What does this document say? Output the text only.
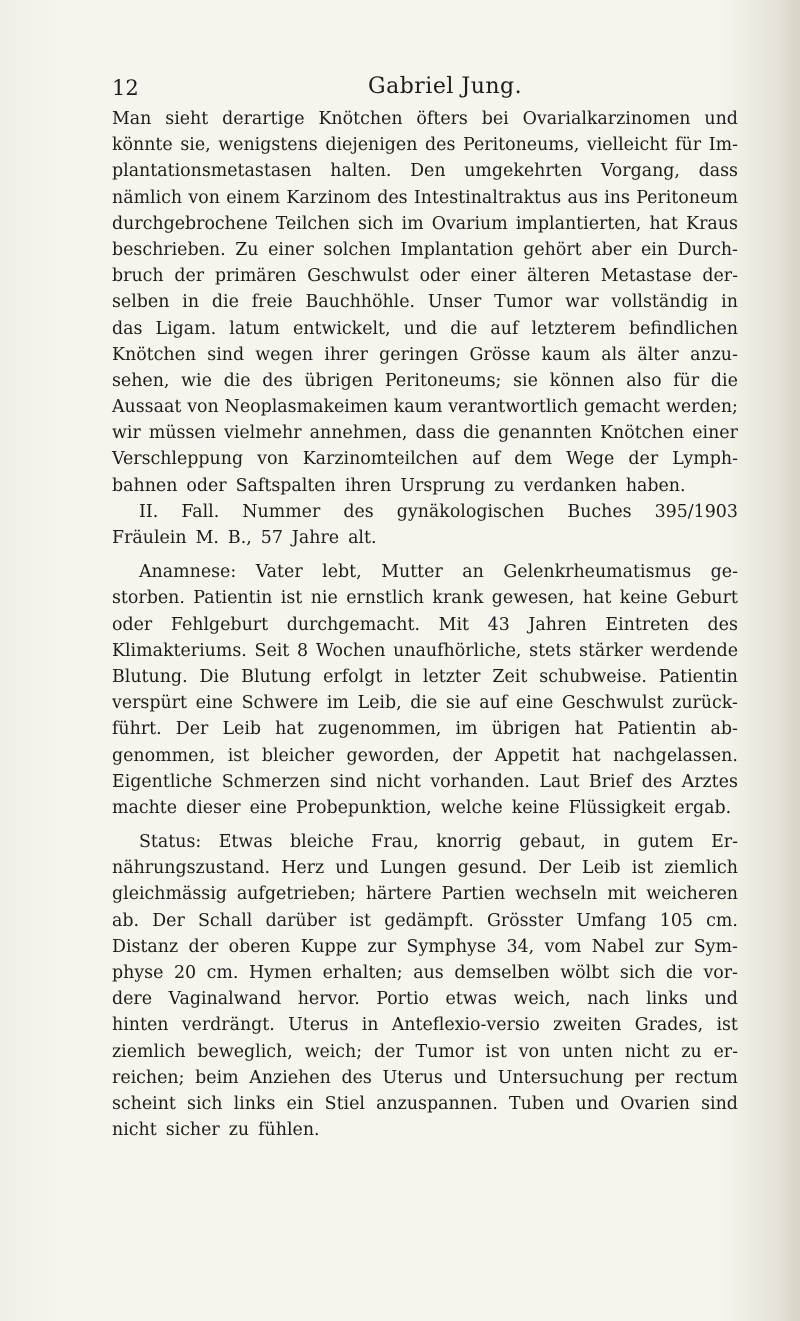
12	Gabriel Jung.
Man sieht derartige Knötchen öfters bei Ovarialkarzinomen und
könnte sie, wenigstens diejenigen des Peritoneums, vielleicht für Im-
plantationsmetastasen halten. Den umgekehrten Vorgang, dass
nämlich von einem Karzinom des Intestinaltraktus aus ins Peritoneum
durchgebrochene Teilchen sich im Ovarium implantierten, hat Kraus
beschrieben. Zu einer solchen Implantation gehört aber ein Durch-
bruch der primären Geschwulst oder einer älteren Metastase der-
selben in die freie Bauchhöhle. Unser Tumor war vollständig in
das Ligam. latum entwickelt, und die auf letzterem befindlichen
Knötchen sind wegen ihrer geringen Grösse kaum als älter anzu-
sehen, wie die des übrigen Peritoneums; sie können also für die
Aussaat von Neoplasmakeimen kaum verantwortlich gemacht werden;
wir müssen vielmehr annehmen, dass die genannten Knötchen einer
Verschleppung von Karzinomteilchen auf dem Wege der Lymph-
bahnen oder Saftspalten ihren Ursprung zu verdanken haben.
II. Fall. Nummer des gynäkologischen Buches 395/1903
Fräulein M. B., 57 Jahre alt.
Anamnese: Vater lebt, Mutter an Gelenkrheumatismus ge-
storben. Patientin ist nie ernstlich krank gewesen, hat keine Geburt
oder Fehlgeburt durchgemacht. Mit 43 Jahren Eintreten des
Klimakteriums. Seit 8 Wochen unaufhörliche, stets stärker werdende
Blutung. Die Blutung erfolgt in letzter Zeit schubweise. Patientin
verspürt eine Schwere im Leib, die sie auf eine Geschwulst zurück-
führt. Der Leib hat zugenommen, im übrigen hat Patientin ab-
genommen, ist bleicher geworden, der Appetit hat nachgelassen.
Eigentliche Schmerzen sind nicht vorhanden. Laut Brief des Arztes
machte dieser eine Probepunktion, welche keine Flüssigkeit ergab.
Status: Etwas bleiche Frau, knorrig gebaut, in gutem Er-
nährungszustand. Herz und Lungen gesund. Der Leib ist ziemlich
gleichmässig aufgetrieben; härtere Partien wechseln mit weicheren
ab. Der Schall darüber ist gedämpft. Grösster Umfang 105 cm.
Distanz der oberen Kuppe zur Symphyse 34, vom Nabel zur Sym-
physe 20 cm. Hymen erhalten; aus demselben wölbt sich die vor-
dere Vaginalwand hervor. Portio etwas weich, nach links und
hinten verdrängt. Uterus in Anteflexio-versio zweiten Grades, ist
ziemlich beweglich, weich; der Tumor ist von unten nicht zu er-
reichen; beim Anziehen des Uterus und Untersuchung per rectum
scheint sich links ein Stiel anzuspannen. Tuben und Ovarien sind
nicht sicher zu fühlen.
